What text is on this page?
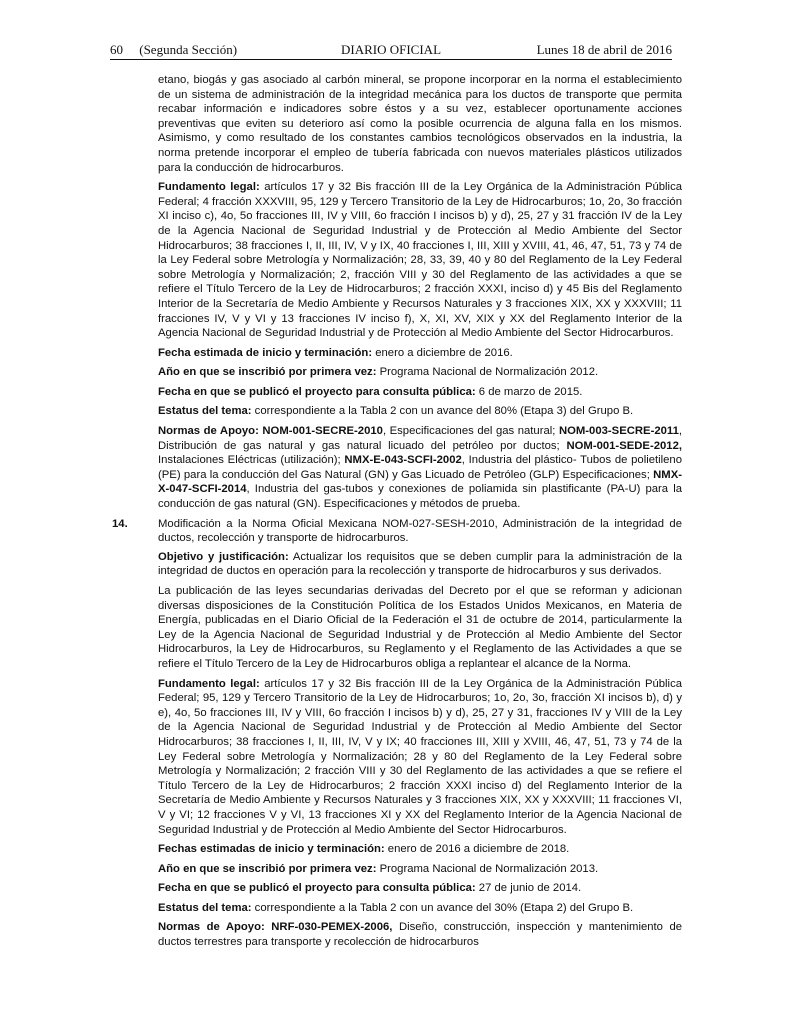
60 (Segunda Sección)	DIARIO OFICIAL	Lunes 18 de abril de 2016

etano, biogás y gas asociado al carbón mineral, se propone incorporar en la norma el establecimiento de un sistema de administración de la integridad mecánica para los ductos de transporte que permita recabar información e indicadores sobre éstos y a su vez, establecer oportunamente acciones preventivas que eviten su deterioro así como la posible ocurrencia de alguna falla en los mismos. Asimismo, y como resultado de los constantes cambios tecnológicos observados en la industria, la norma pretende incorporar el empleo de tubería fabricada con nuevos materiales plásticos utilizados para la conducción de hidrocarburos.

Fundamento legal: artículos 17 y 32 Bis fracción III de la Ley Orgánica de la Administración Pública Federal; 4 fracción XXXVIII, 95, 129 y Tercero Transitorio de la Ley de Hidrocarburos; 1o, 2o, 3o fracción XI inciso c), 4o, 5o fracciones III, IV y VIII, 6o fracción I incisos b) y d), 25, 27 y 31 fracción IV de la Ley de la Agencia Nacional de Seguridad Industrial y de Protección al Medio Ambiente del Sector Hidrocarburos; 38 fracciones I, II, III, IV, V y IX, 40 fracciones I, III, XIII y XVIII, 41, 46, 47, 51, 73 y 74 de la Ley Federal sobre Metrología y Normalización; 28, 33, 39, 40 y 80 del Reglamento de la Ley Federal sobre Metrología y Normalización; 2, fracción VIII y 30 del Reglamento de las actividades a que se refiere el Título Tercero de la Ley de Hidrocarburos; 2 fracción XXXI, inciso d) y 45 Bis del Reglamento Interior de la Secretaría de Medio Ambiente y Recursos Naturales y 3 fracciones XIX, XX y XXXVIII; 11 fracciones IV, V y VI y 13 fracciones IV inciso f), X, XI, XV, XIX y XX del Reglamento Interior de la Agencia Nacional de Seguridad Industrial y de Protección al Medio Ambiente del Sector Hidrocarburos.

Fecha estimada de inicio y terminación: enero a diciembre de 2016.

Año en que se inscribió por primera vez: Programa Nacional de Normalización 2012.

Fecha en que se publicó el proyecto para consulta pública: 6 de marzo de 2015.

Estatus del tema: correspondiente a la Tabla 2 con un avance del 80% (Etapa 3) del Grupo B.

Normas de Apoyo: NOM-001-SECRE-2010, Especificaciones del gas natural; NOM-003-SECRE-2011, Distribución de gas natural y gas natural licuado del petróleo por ductos; NOM-001-SEDE-2012, Instalaciones Eléctricas (utilización); NMX-E-043-SCFI-2002, Industria del plástico- Tubos de polietileno (PE) para la conducción del Gas Natural (GN) y Gas Licuado de Petróleo (GLP) Especificaciones; NMX-X-047-SCFI-2014, Industria del gas-tubos y conexiones de poliamida sin plastificante (PA-U) para la conducción de gas natural (GN). Especificaciones y métodos de prueba.

14.	Modificación a la Norma Oficial Mexicana NOM-027-SESH-2010, Administración de la integridad de ductos, recolección y transporte de hidrocarburos.

Objetivo y justificación: Actualizar los requisitos que se deben cumplir para la administración de la integridad de ductos en operación para la recolección y transporte de hidrocarburos y sus derivados.

La publicación de las leyes secundarias derivadas del Decreto por el que se reforman y adicionan diversas disposiciones de la Constitución Política de los Estados Unidos Mexicanos, en Materia de Energía, publicadas en el Diario Oficial de la Federación el 31 de octubre de 2014, particularmente la Ley de la Agencia Nacional de Seguridad Industrial y de Protección al Medio Ambiente del Sector Hidrocarburos, la Ley de Hidrocarburos, su Reglamento y el Reglamento de las Actividades a que se refiere el Título Tercero de la Ley de Hidrocarburos obliga a replantear el alcance de la Norma.

Fundamento legal: artículos 17 y 32 Bis fracción III de la Ley Orgánica de la Administración Pública Federal; 95, 129 y Tercero Transitorio de la Ley de Hidrocarburos; 1o, 2o, 3o, fracción XI incisos b), d) y e), 4o, 5o fracciones III, IV y VIII, 6o fracción I incisos b) y d), 25, 27 y 31, fracciones IV y VIII de la Ley de la Agencia Nacional de Seguridad Industrial y de Protección al Medio Ambiente del Sector Hidrocarburos; 38 fracciones I, II, III, IV, V y IX; 40 fracciones III, XIII y XVIII, 46, 47, 51, 73 y 74 de la Ley Federal sobre Metrología y Normalización; 28 y 80 del Reglamento de la Ley Federal sobre Metrología y Normalización; 2 fracción VIII y 30 del Reglamento de las actividades a que se refiere el Título Tercero de la Ley de Hidrocarburos; 2 fracción XXXI inciso d) del Reglamento Interior de la Secretaría de Medio Ambiente y Recursos Naturales y 3 fracciones XIX, XX y XXXVIII; 11 fracciones VI, V y VI; 12 fracciones V y VI, 13 fracciones XI y XX del Reglamento Interior de la Agencia Nacional de Seguridad Industrial y de Protección al Medio Ambiente del Sector Hidrocarburos.

Fechas estimadas de inicio y terminación: enero de 2016 a diciembre de 2018.

Año en que se inscribió por primera vez: Programa Nacional de Normalización 2013.

Fecha en que se publicó el proyecto para consulta pública: 27 de junio de 2014.

Estatus del tema: correspondiente a la Tabla 2 con un avance del 30% (Etapa 2) del Grupo B.

Normas de Apoyo: NRF-030-PEMEX-2006, Diseño, construcción, inspección y mantenimiento de ductos terrestres para transporte y recolección de hidrocarburos
